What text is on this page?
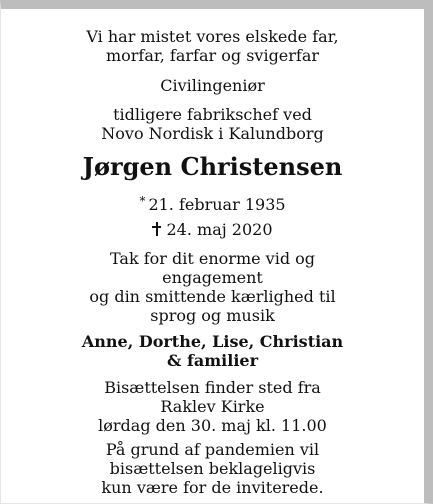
Vi har mistet vores elskede far,
morfar, farfar og svigerfar

Civilingeniør

tidligere fabrikschef ved
Novo Nordisk i Kalundborg

Jørgen Christensen

* 21. februar 1935

24. maj 2020

Tak for dit enorme vid og
engagement
og din smittende kærlighed til
sprog og musik

Anne, Dorthe, Lise, Christian
& familier

Bisættelsen finder sted fra
Raklev Kirke
lørdag den 30. maj kl. 11.00

På grund af pandemien vil
bisættelsen beklageligvis
kun være for de inviterede.
